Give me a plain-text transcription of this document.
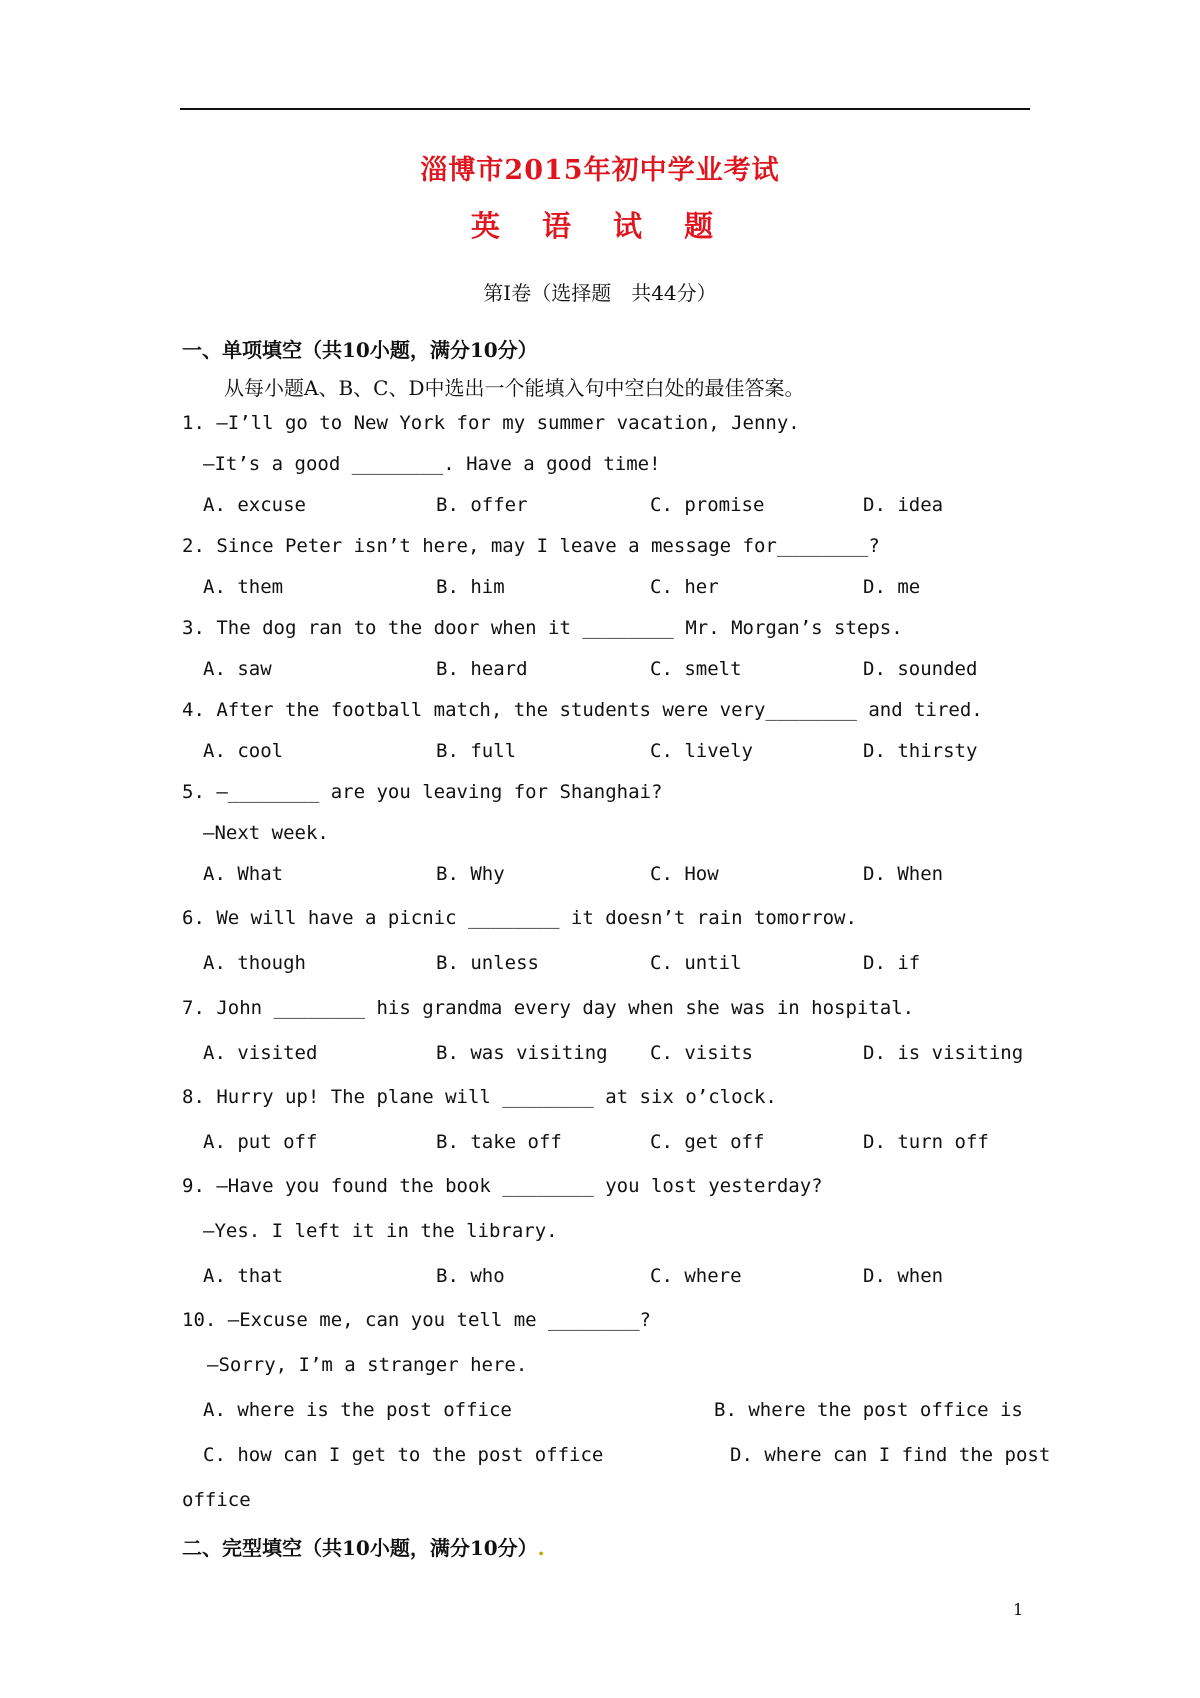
淄博市2015年初中学业考试
英 语 试 题
第Ⅰ卷（选择题　共44分）
一、单项填空（共10小题，满分10分）
从每小题A、B、C、D中选出一个能填入句中空白处的最佳答案。
1. —I’ll go to New York for my summer vacation, Jenny.
—It’s a good ________. Have a good time!
A. excuse	B. offer	C. promise	D. idea
2. Since Peter isn’t here, may I leave a message for________?
A. them	B. him	C. her	D. me
3. The dog ran to the door when it ________ Mr. Morgan’s steps.
A. saw	B. heard	C. smelt	D. sounded
4. After the football match, the students were very________ and tired.
A. cool	B. full	C. lively	D. thirsty
5. —________ are you leaving for Shanghai?
—Next week.
A. What	B. Why	C. How	D. When
6. We will have a picnic ________ it doesn’t rain tomorrow.
A. though	B. unless	C. until	D. if
7. John ________ his grandma every day when she was in hospital.
A. visited	B. was visiting C. visits	D. is visiting
8. Hurry up! The plane will ________ at six o’clock.
A. put off	B. take off	C. get off	D. turn off
9. —Have you found the book ________ you lost yesterday?
—Yes. I left it in the library.
A. that	B. who	C. where	D. when
10. —Excuse me, can you tell me ________?
—Sorry, I’m a stranger here.
A. where is the post office	B. where the post office is
C. how can I get to the post office	D. where can I find the post
office
二、完型填空（共10小题，满分10分）.
1
